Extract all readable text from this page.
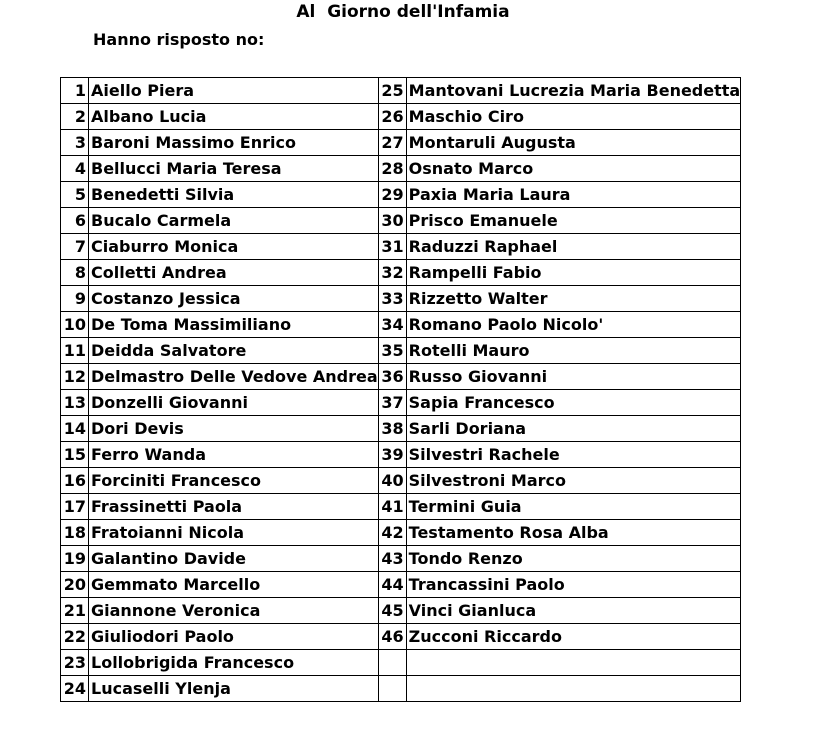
Al  Giorno dell'Infamia
Hanno risposto no:
1	Aiello Piera	25	Mantovani Lucrezia Maria Benedetta
2	Albano Lucia	26	Maschio Ciro
3	Baroni Massimo Enrico	27	Montaruli Augusta
4	Bellucci Maria Teresa	28	Osnato Marco
5	Benedetti Silvia	29	Paxia Maria Laura
6	Bucalo Carmela	30	Prisco Emanuele
7	Ciaburro Monica	31	Raduzzi Raphael
8	Colletti Andrea	32	Rampelli Fabio
9	Costanzo Jessica	33	Rizzetto Walter
10	De Toma Massimiliano	34	Romano Paolo Nicolo'
11	Deidda Salvatore	35	Rotelli Mauro
12	Delmastro Delle Vedove Andrea	36	Russo Giovanni
13	Donzelli Giovanni	37	Sapia Francesco
14	Dori Devis	38	Sarli Doriana
15	Ferro Wanda	39	Silvestri Rachele
16	Forciniti Francesco	40	Silvestroni Marco
17	Frassinetti Paola	41	Termini Guia
18	Fratoianni Nicola	42	Testamento Rosa Alba
19	Galantino Davide	43	Tondo Renzo
20	Gemmato Marcello	44	Trancassini Paolo
21	Giannone Veronica	45	Vinci Gianluca
22	Giuliodori Paolo	46	Zucconi Riccardo
23	Lollobrigida Francesco		
24	Lucaselli Ylenja		
